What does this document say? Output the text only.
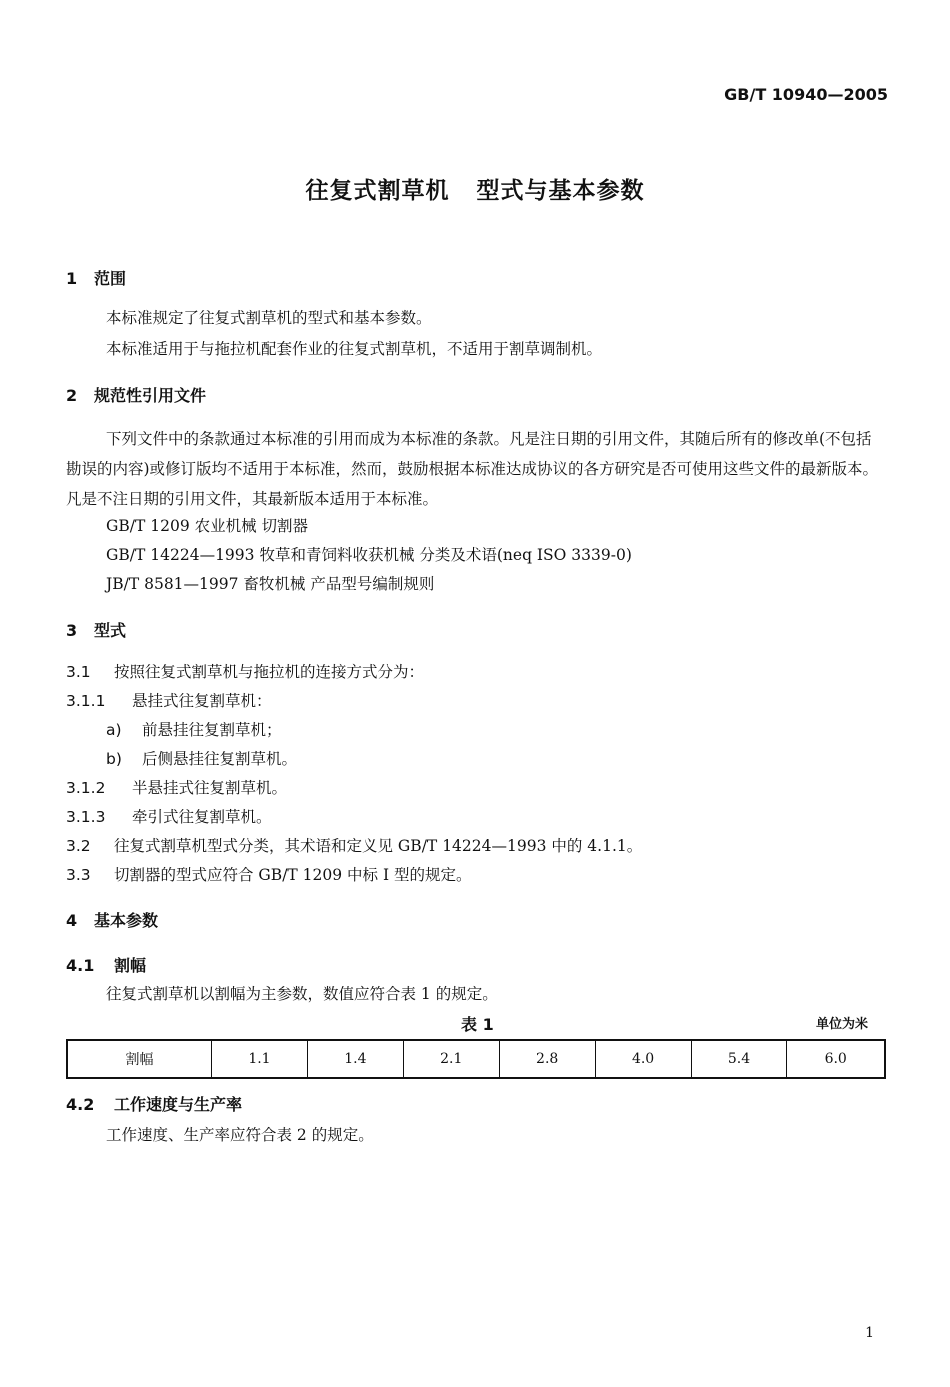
GB/T 10940—2005
往复式割草机 型式与基本参数
1 范围
本标准规定了往复式割草机的型式和基本参数。
本标准适用于与拖拉机配套作业的往复式割草机，不适用于割草调制机。
2 规范性引用文件
下列文件中的条款通过本标准的引用而成为本标准的条款。凡是注日期的引用文件，其随后所有的修改单(不包括勘误的内容)或修订版均不适用于本标准，然而，鼓励根据本标准达成协议的各方研究是否可使用这些文件的最新版本。凡是不注日期的引用文件，其最新版本适用于本标准。
GB/T 1209 农业机械 切割器
GB/T 14224—1993 牧草和青饲料收获机械 分类及术语(neq ISO 3339-0)
JB/T 8581—1997 畜牧机械 产品型号编制规则
3 型式
3.1 按照往复式割草机与拖拉机的连接方式分为：
3.1.1 悬挂式往复割草机：
a) 前悬挂往复割草机；
b) 后侧悬挂往复割草机。
3.1.2 半悬挂式往复割草机。
3.1.3 牵引式往复割草机。
3.2 往复式割草机型式分类，其术语和定义见 GB/T 14224—1993 中的 4.1.1。
3.3 切割器的型式应符合 GB/T 1209 中标 Ⅰ 型的规定。
4 基本参数
4.1 割幅
往复式割草机以割幅为主参数，数值应符合表 1 的规定。
表 1	单位为米
割幅	1.1	1.4	2.1	2.8	4.0	5.4	6.0
4.2 工作速度与生产率
工作速度、生产率应符合表 2 的规定。
1
